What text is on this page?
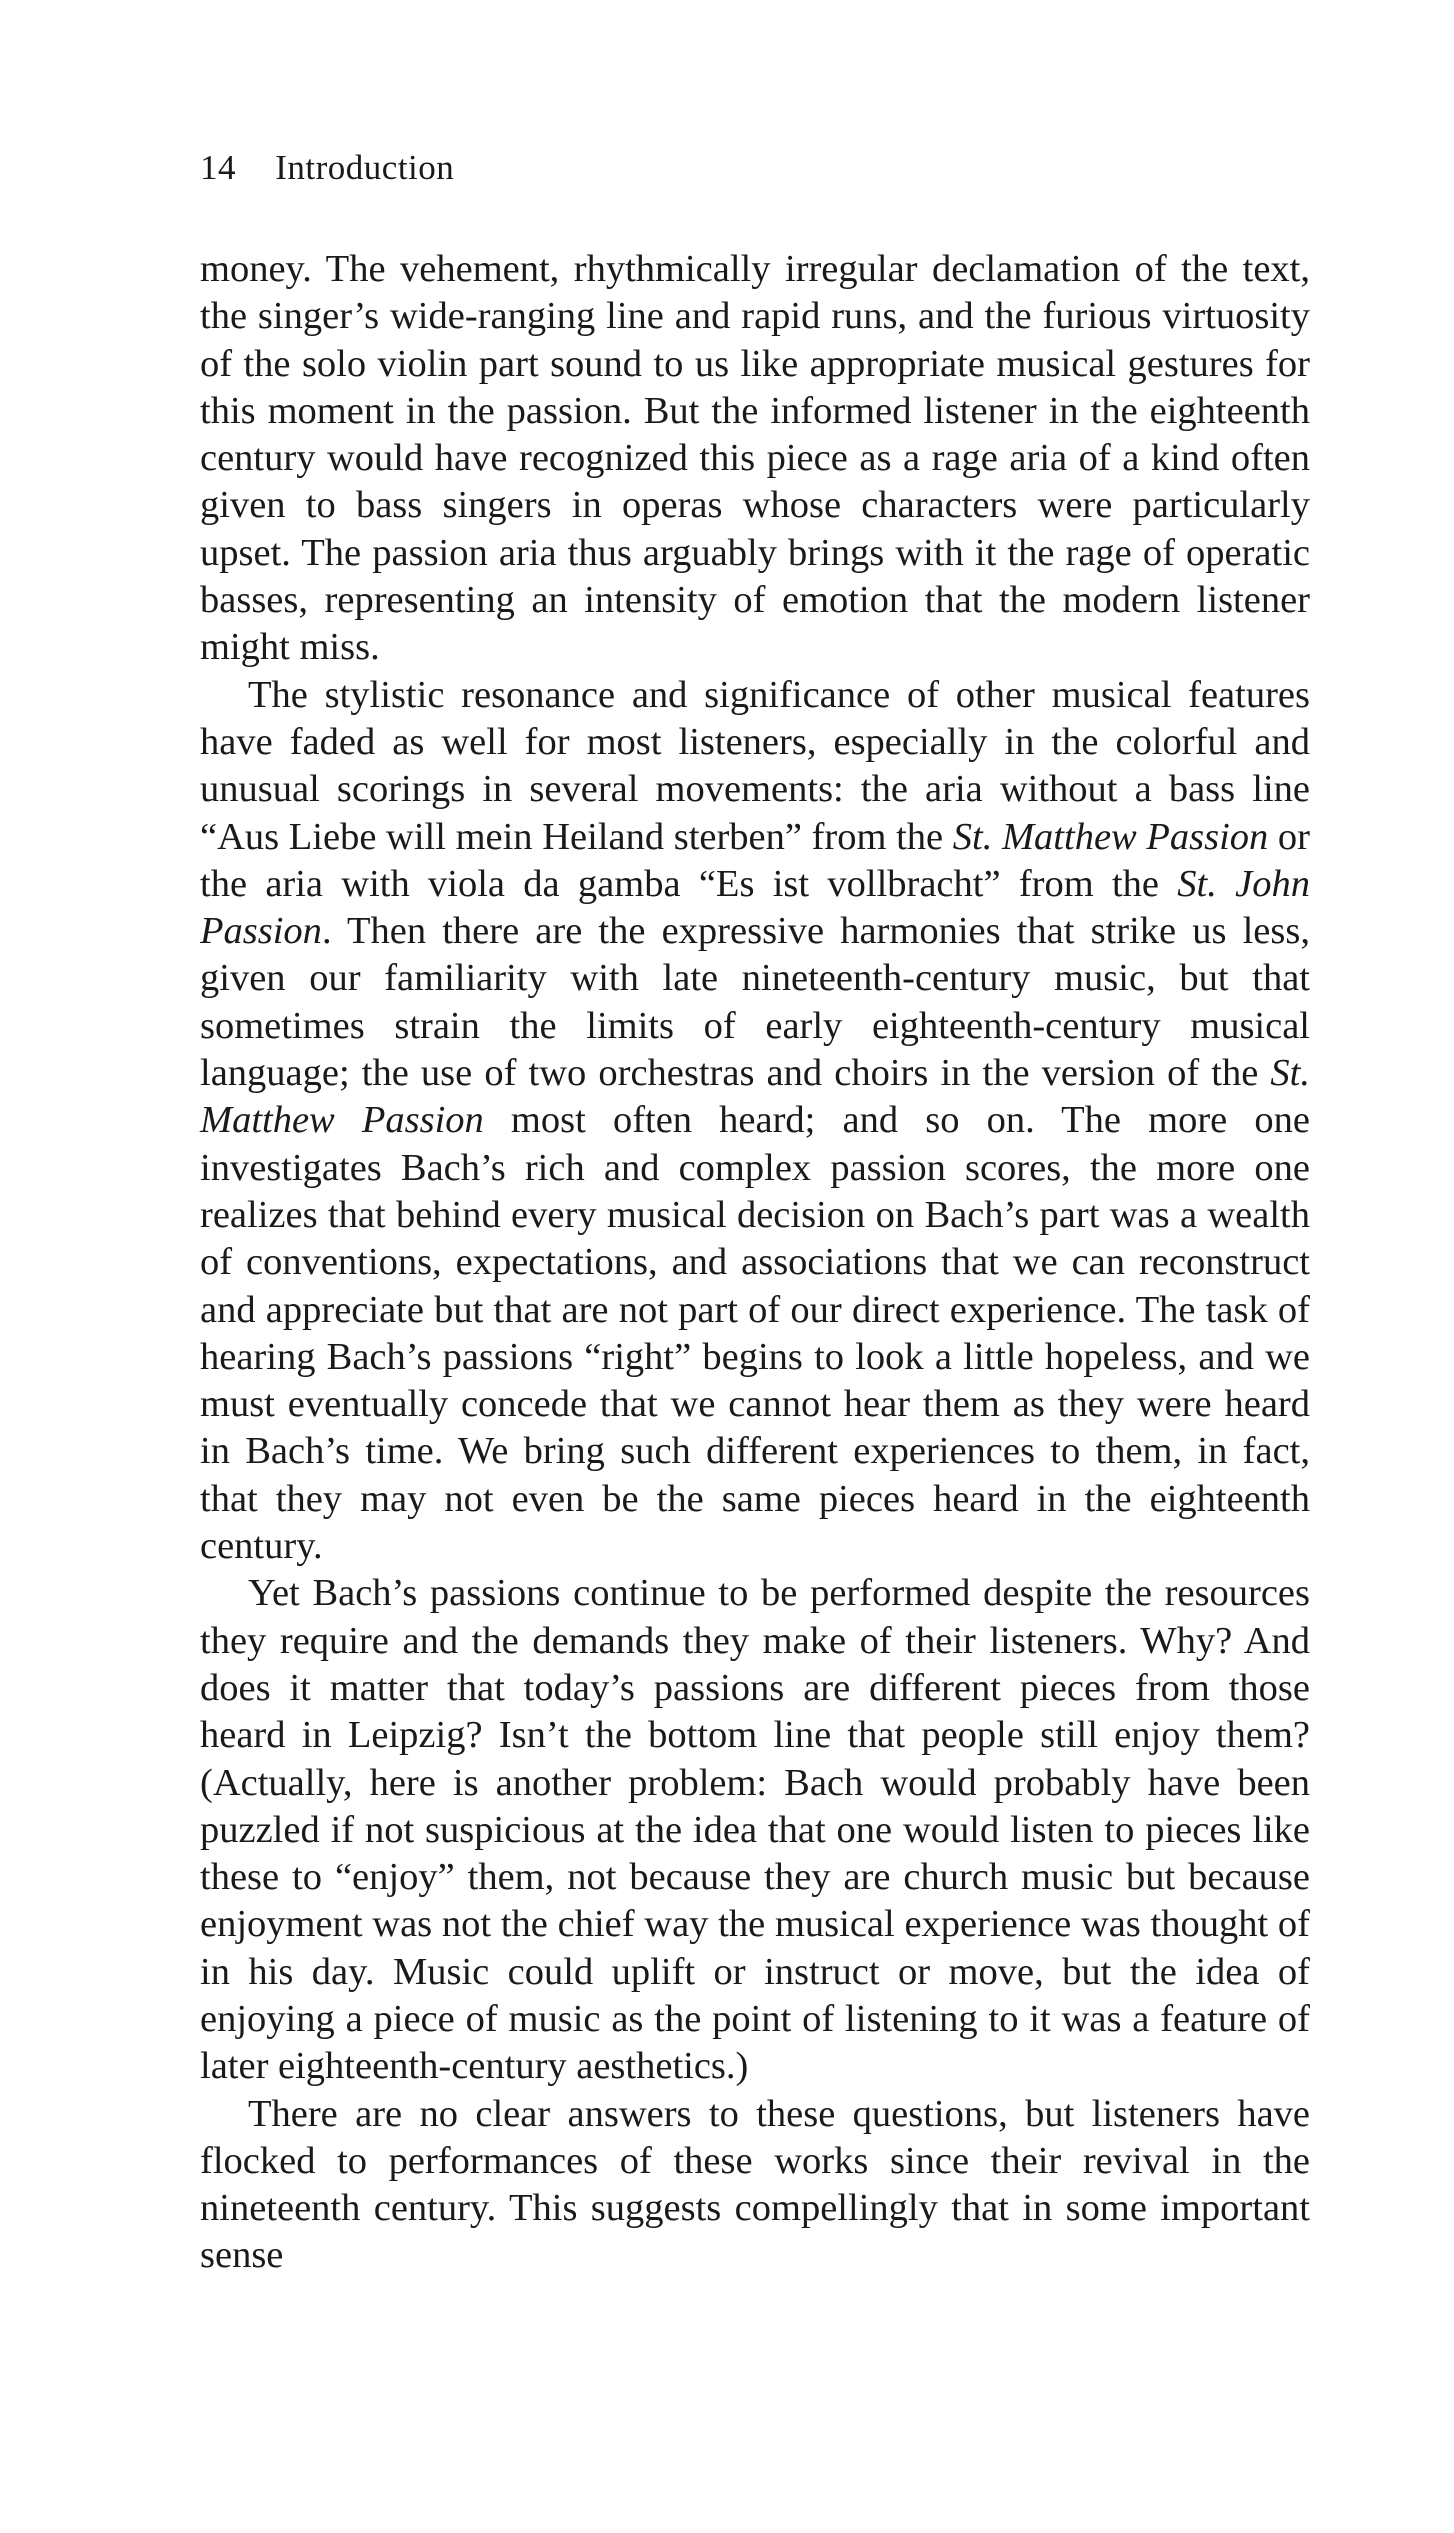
14 Introduction

money. The vehement, rhythmically irregular declamation of the text, the singer’s wide-ranging line and rapid runs, and the furious virtuosity of the solo violin part sound to us like appropriate musical gestures for this moment in the passion. But the informed listener in the eighteenth century would have recognized this piece as a rage aria of a kind often given to bass singers in operas whose characters were particularly upset. The passion aria thus arguably brings with it the rage of operatic basses, representing an intensity of emotion that the modern listener might miss.

The stylistic resonance and significance of other musical features have faded as well for most listeners, especially in the colorful and unusual scorings in several movements: the aria without a bass line “Aus Liebe will mein Heiland sterben” from the St. Matthew Passion or the aria with viola da gamba “Es ist vollbracht” from the St. John Passion. Then there are the expressive harmonies that strike us less, given our familiarity with late nineteenth-century music, but that sometimes strain the limits of early eighteenth-century musical language; the use of two orchestras and choirs in the version of the St. Matthew Passion most often heard; and so on. The more one investigates Bach’s rich and complex passion scores, the more one realizes that behind every musical decision on Bach’s part was a wealth of conventions, expectations, and associations that we can reconstruct and appreciate but that are not part of our direct experience. The task of hearing Bach’s passions “right” begins to look a little hopeless, and we must eventually concede that we cannot hear them as they were heard in Bach’s time. We bring such different experiences to them, in fact, that they may not even be the same pieces heard in the eighteenth century.

Yet Bach’s passions continue to be performed despite the resources they require and the demands they make of their listeners. Why? And does it matter that today’s passions are different pieces from those heard in Leipzig? Isn’t the bottom line that people still enjoy them? (Actually, here is another problem: Bach would probably have been puzzled if not suspicious at the idea that one would listen to pieces like these to “enjoy” them, not because they are church music but because enjoyment was not the chief way the musical experience was thought of in his day. Music could uplift or instruct or move, but the idea of enjoying a piece of music as the point of listening to it was a feature of later eighteenth-century aesthetics.)

There are no clear answers to these questions, but listeners have flocked to performances of these works since their revival in the nineteenth century. This suggests compellingly that in some important sense
